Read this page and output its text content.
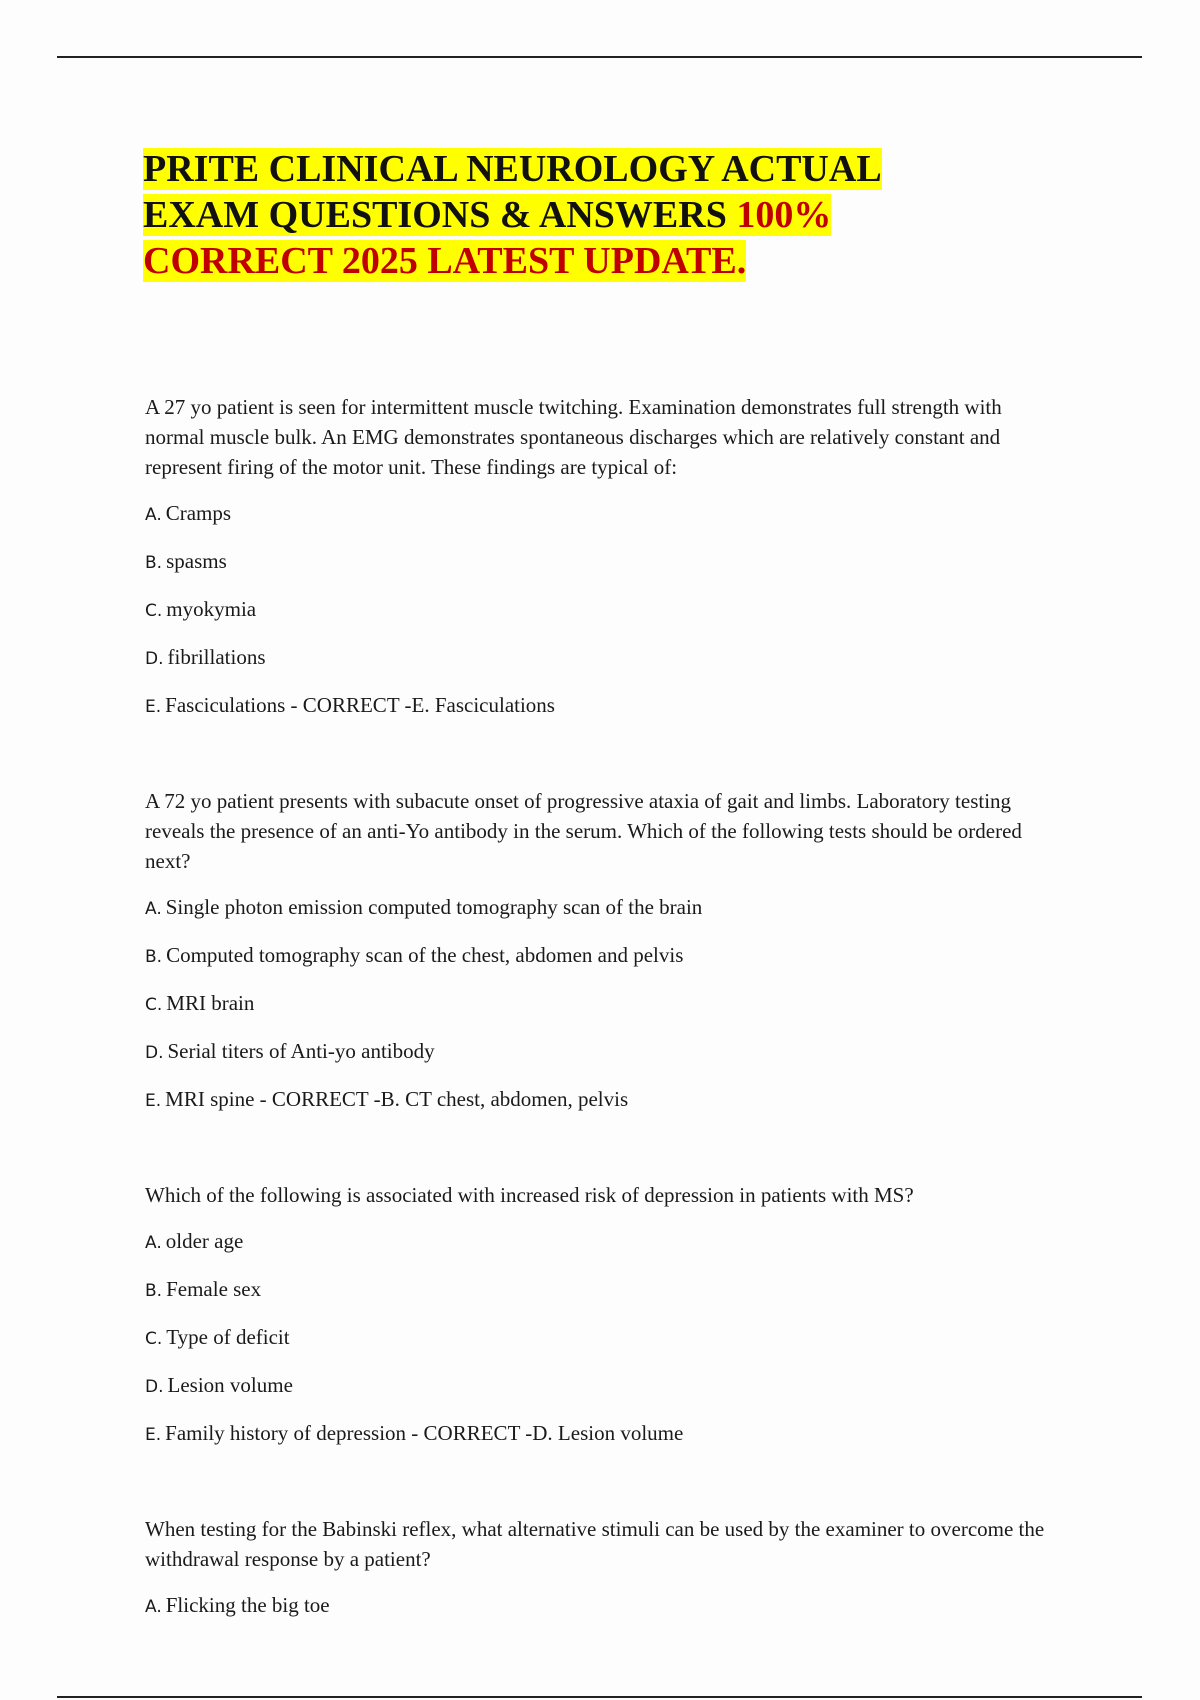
PRITE CLINICAL NEUROLOGY ACTUAL EXAM QUESTIONS & ANSWERS 100% CORRECT 2025 LATEST UPDATE.

A 27 yo patient is seen for intermittent muscle twitching. Examination demonstrates full strength with normal muscle bulk. An EMG demonstrates spontaneous discharges which are relatively constant and represent firing of the motor unit. These findings are typical of:

A. Cramps

B. spasms

C. myokymia

D. fibrillations

E. Fasciculations - CORRECT -E. Fasciculations

A 72 yo patient presents with subacute onset of progressive ataxia of gait and limbs. Laboratory testing reveals the presence of an anti-Yo antibody in the serum. Which of the following tests should be ordered next?

A. Single photon emission computed tomography scan of the brain

B. Computed tomography scan of the chest, abdomen and pelvis

C. MRI brain

D. Serial titers of Anti-yo antibody

E. MRI spine - CORRECT -B. CT chest, abdomen, pelvis

Which of the following is associated with increased risk of depression in patients with MS?

A. older age

B. Female sex

C. Type of deficit

D. Lesion volume

E. Family history of depression - CORRECT -D. Lesion volume

When testing for the Babinski reflex, what alternative stimuli can be used by the examiner to overcome the withdrawal response by a patient?

A. Flicking the big toe
